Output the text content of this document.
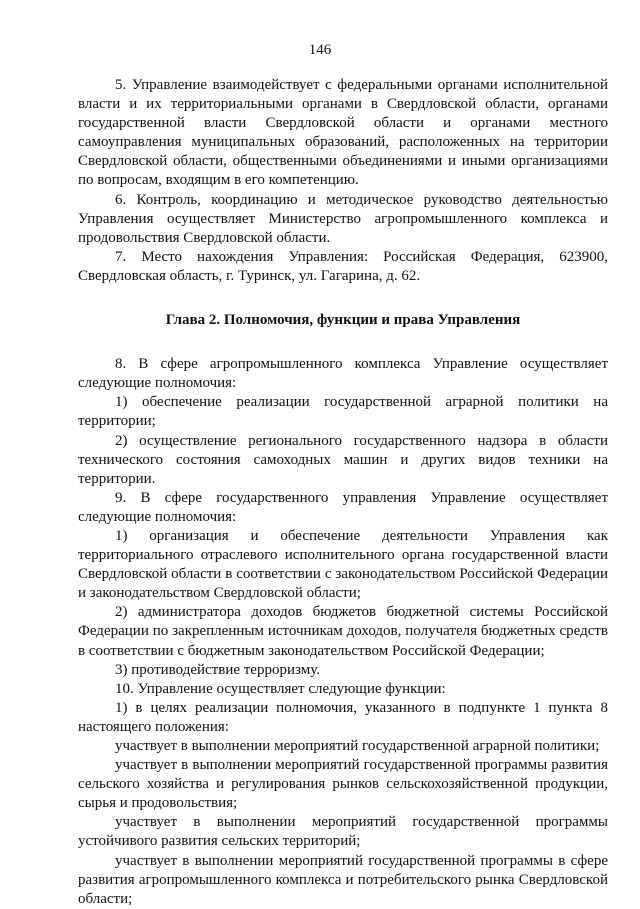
146

5. Управление взаимодействует с федеральными органами исполнительной власти и их территориальными органами в Свердловской области, органами государственной власти Свердловской области и органами местного самоуправления муниципальных образований, расположенных на территории Свердловской области, общественными объединениями и иными организациями по вопросам, входящим в его компетенцию.

6. Контроль, координацию и методическое руководство деятельностью Управления осуществляет Министерство агропромышленного комплекса и продовольствия Свердловской области.

7. Место нахождения Управления: Российская Федерация, 623900, Свердловская область, г. Туринск, ул. Гагарина, д. 62.

Глава 2. Полномочия, функции и права Управления

8. В сфере агропромышленного комплекса Управление осуществляет следующие полномочия:

1) обеспечение реализации государственной аграрной политики на территории;

2) осуществление регионального государственного надзора в области технического состояния самоходных машин и других видов техники на территории.

9. В сфере государственного управления Управление осуществляет следующие полномочия:

1) организация и обеспечение деятельности Управления как территориального отраслевого исполнительного органа государственной власти Свердловской области в соответствии с законодательством Российской Федерации и законодательством Свердловской области;

2) администратора доходов бюджетов бюджетной системы Российской Федерации по закрепленным источникам доходов, получателя бюджетных средств в соответствии с бюджетным законодательством Российской Федерации;

3) противодействие терроризму.

10. Управление осуществляет следующие функции:

1) в целях реализации полномочия, указанного в подпункте 1 пункта 8 настоящего положения:

участвует в выполнении мероприятий государственной аграрной политики;

участвует в выполнении мероприятий государственной программы развития сельского хозяйства и регулирования рынков сельскохозяйственной продукции, сырья и продовольствия;

участвует в выполнении мероприятий государственной программы устойчивого развития сельских территорий;

участвует в выполнении мероприятий государственной программы в сфере развития агропромышленного комплекса и потребительского рынка Свердловской области;
